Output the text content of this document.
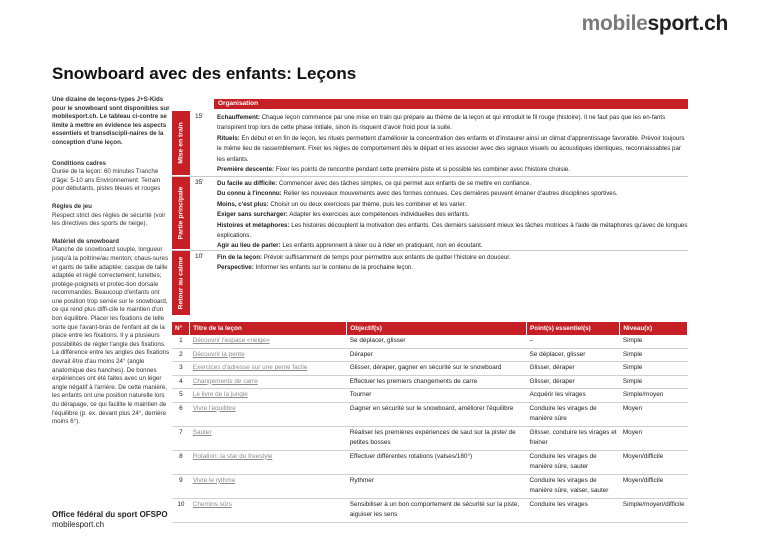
mobilesport.ch
Snowboard avec des enfants: Leçons
Une dizaine de leçons-types J+S-Kids pour le snowboard sont disponibles sur mobilesport.ch. Le tableau ci-contre se limite à mettre en évidence les aspects essentiels et transdiscipli-naires de la conception d'une leçon.
Conditions cadres
Durée de la leçon: 60 minutes Tranche d'âge: 5-10 ans Environnement: Terrain pour débutants, pistes bleues et rouges
Règles de jeu
Respect strict des règles de sécurité (voir les directives des sports de neige).
Matériel de snowboard
Planche de snowboard souple, longueur jusqu'à la poitrine/au menton; chaus-sures et gants de taille adaptée; casque de taille adaptée et réglé correctement; lunettes; protège-poignets et protec-tion dorsale recommandés. Beaucoup d'enfants ont une position trop serrée sur le snowboard, ce qui rend plus diffi-cile le maintien d'un bon équilibre. Placer les fixations de telle sorte que l'avant-bras de l'enfant ait de la place entre les fixations. Il y a plusieurs possibilités de régler l'angle des fixations. La différence entre les angles des fixations devrait être d'au moins 24° (angle anatomique des hanches). De bonnes expériences ont été faites avec un léger angle négatif à l'arrière. De cette manière, les enfants ont une position naturelle lors du dérapage, ce qui facilite le maintien de l'équilibre (p. ex. devant plus 24°, derrière moins 6°).
Office fédéral du sport OFSPO
mobilesport.ch
Organisation
Mise en train
15' Echauffement: Chaque leçon commence par une mise en train qui prépare au thème de la leçon et qui introduit le fil rouge (histoire). Il ne faut pas que les en-fants transpirent trop lors de cette phase initiale, sinon ils risquent d'avoir froid pour la suite.
Rituels: En début et en fin de leçon, les rituels permettent d'améliorer la concentration des enfants et d'instaurer ainsi un climat d'apprentissage favorable. Prévoir toujours le même lieu de rassemblement. Fixer les règles de comportement dès le départ et les associer avec des signaux visuels ou acoustiques identiques, reconnaissables par les enfants.
Première descente: Fixer les points de rencontre pendant cette première piste et si possible les combiner avec l'histoire choisie.
Partie principale
35' Du facile au difficile: Commencer avec des tâches simples, ce qui permet aux enfants de se mettre en confiance.
Du connu à l'inconnu: Relier les nouveaux mouvements avec des formes connues. Ces dernières peuvent émaner d'autres disciplines sportives.
Moins, c'est plus: Choisir un ou deux exercices par thème, puis les combiner et les varier.
Exiger sans surcharger: Adapter les exercices aux compétences individuelles des enfants.
Histoires et métaphores: Les histoires découplent la motivation des enfants. Ces derniers saisissent mieux les tâches motrices à l'aide de métaphores qu'avec de longues explications.
Agir au lieu de parler: Les enfants apprennent à skier ou à rider en pratiquant, non en écoutant.
Retour au calme
10' Fin de la leçon: Prévoir suffisamment de temps pour permettre aux enfants de quitter l'histoire en douceur.
Perspective: Informer les enfants sur le contenu de la prochaine leçon.
N°	Titre de la leçon	Objectif(s)	Point(s) essentiel(s)	Niveau(x)
1	Découvrir l'espace «neige»	Se déplacer, glisser	–	Simple
2	Découvrir la pente	Déraper	Se déplacer, glisser	Simple
3	Exercices d'adresse sur une pente facile	Glisser, déraper, gagner en sécurité sur le snowboard	Glisser, déraper	Simple
4	Changements de carre	Effectuer les premiers changements de carre	Glisser, déraper	Simple
5	Le livre de la jungle	Tourner	Acquérir les virages	Simple/moyen
6	Vivre l'équilibre	Gagner en sécurité sur le snowboard, améliorer l'équilibre	Conduire les virages de manière sûre	Moyen
7	Sauter	Réaliser les premières expériences de saut sur la piste/ de petites bosses	Glisser, conduire les virages et freiner	Moyen
8	Rotation: la star du freestyle	Effectuer différentes rotations (valses/180°)	Conduire les virages de manière sûre, sauter	Moyen/difficile
9	Vivre le rythme	Rythmer	Conduire les virages de manière sûre, valser, sauter	Moyen/difficile
10	Chemins sûrs	Sensibiliser à un bon comportement de sécurité sur la piste, aiguiser les sens	Conduire les virages	Simple/moyen/difficile
